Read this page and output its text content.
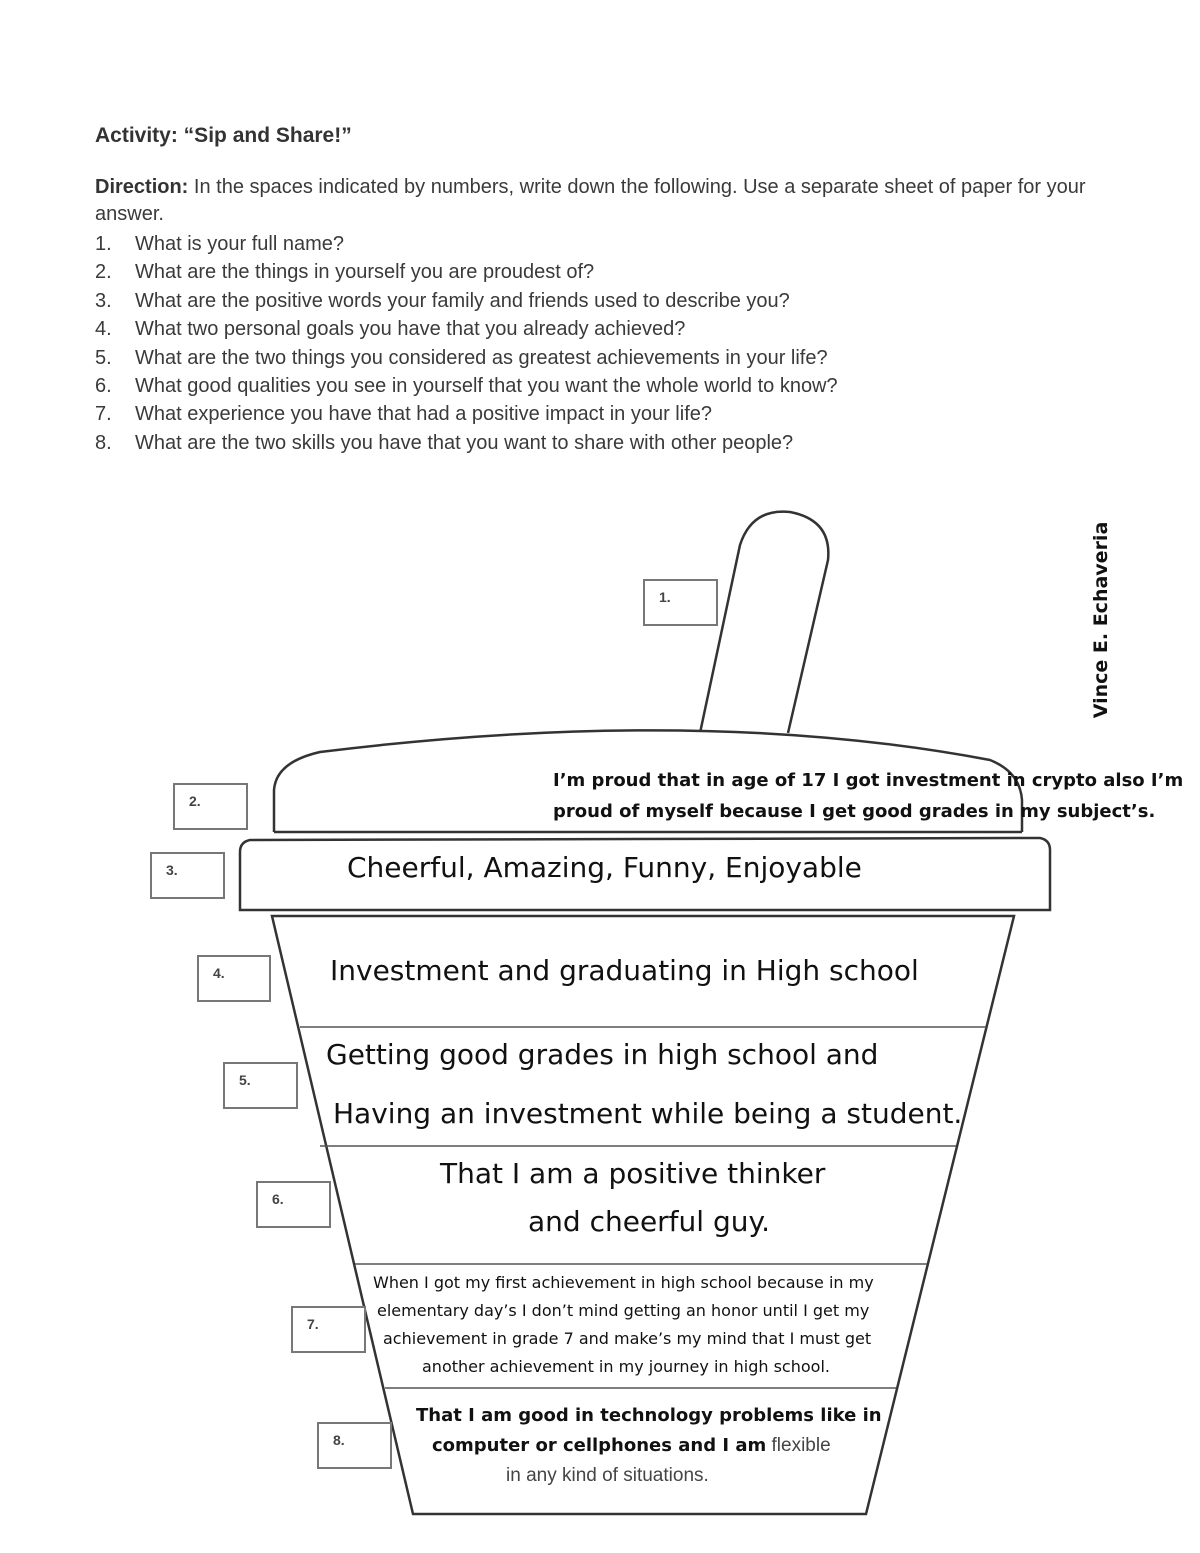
Activity: “Sip and Share!”
Direction: In the spaces indicated by numbers, write down the following. Use a separate sheet of paper for your answer.
1. What is your full name?
2. What are the things in yourself you are proudest of?
3. What are the positive words your family and friends used to describe you?
4. What two personal goals you have that you already achieved?
5. What are the two things you considered as greatest achievements in your life?
6. What good qualities you see in yourself that you want the whole world to know?
7. What experience you have that had a positive impact in your life?
8. What are the two skills you have that you want to share with other people?
1.
2.
3.
4.
5.
6.
7.
8.
Vince E. Echaveria
I’m proud that in age of 17 I got investment in crypto also I’m
proud of myself because I get good grades in my subject’s.
Cheerful, Amazing, Funny, Enjoyable
Investment and graduating in High school
Getting good grades in high school and
Having an investment while being a student.
That I am a positive thinker
and cheerful guy.
When I got my first achievement in high school because in my
elementary day’s I don’t mind getting an honor until I get my
achievement in grade 7 and make’s my mind that I must get
another achievement in my journey in high school.
That I am good in technology problems like in
computer or cellphones and I am flexible
in any kind of situations.
